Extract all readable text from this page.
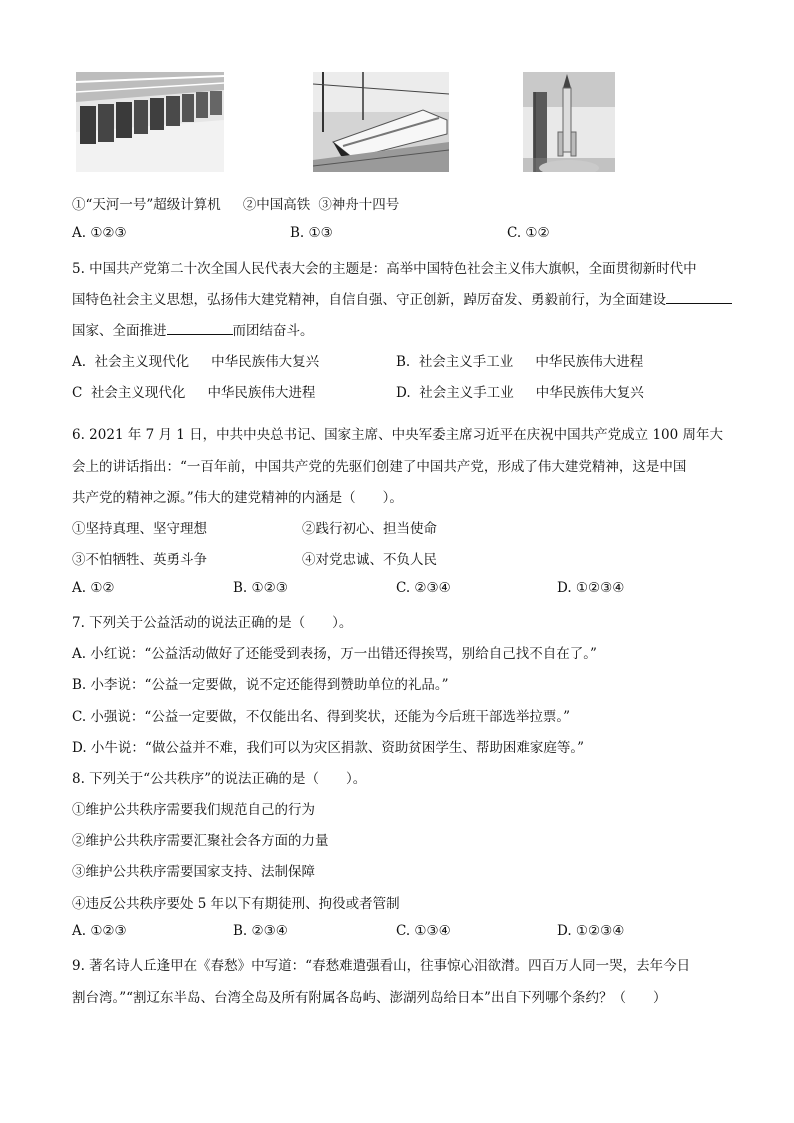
①“天河一号”超级计算机 ②中国高铁 ③神舟十四号
A. ①②③	B. ①③	C. ①②
5. 中国共产党第二十次全国人民代表大会的主题是：高举中国特色社会主义伟大旗帜，全面贯彻新时代中
国特色社会主义思想，弘扬伟大建党精神，自信自强、守正创新，踔厉奋发、勇毅前行，为全面建设
国家、全面推进	而团结奋斗。
A. 社会主义现代化 中华民族伟大复兴	B. 社会主义手工业 中华民族伟大进程
C 社会主义现代化 中华民族伟大进程	D. 社会主义手工业 中华民族伟大复兴
6. 2021 年 7 月 1 日，中共中央总书记、国家主席、中央军委主席习近平在庆祝中国共产党成立 100 周年大
会上的讲话指出：“一百年前，中国共产党的先驱们创建了中国共产党，形成了伟大建党精神，这是中国
共产党的精神之源。”伟大的建党精神的内涵是（　　）。
①坚持真理、坚守理想	②践行初心、担当使命
③不怕牺牲、英勇斗争	④对党忠诚、不负人民
A. ①②	B. ①②③	C. ②③④	D. ①②③④
7. 下列关于公益活动的说法正确的是（　　）。
A. 小红说：“公益活动做好了还能受到表扬，万一出错还得挨骂，别给自己找不自在了。”
B. 小李说：“公益一定要做，说不定还能得到赞助单位的礼品。”
C. 小强说：“公益一定要做，不仅能出名、得到奖状，还能为今后班干部选举拉票。”
D. 小牛说：“做公益并不难，我们可以为灾区捐款、资助贫困学生、帮助困难家庭等。”
8. 下列关于“公共秩序”的说法正确的是（　　）。
①维护公共秩序需要我们规范自己的行为
②维护公共秩序需要汇聚社会各方面的力量
③维护公共秩序需要国家支持、法制保障
④违反公共秩序要处 5 年以下有期徒刑、拘役或者管制
A. ①②③	B. ②③④	C. ①③④	D. ①②③④
9. 著名诗人丘逢甲在《春愁》中写道：“春愁难遣强看山，往事惊心泪欲潸。四百万人同一哭，去年今日
割台湾。”“割辽东半岛、台湾全岛及所有附属各岛屿、澎湖列岛给日本”出自下列哪个条约？（　　）
